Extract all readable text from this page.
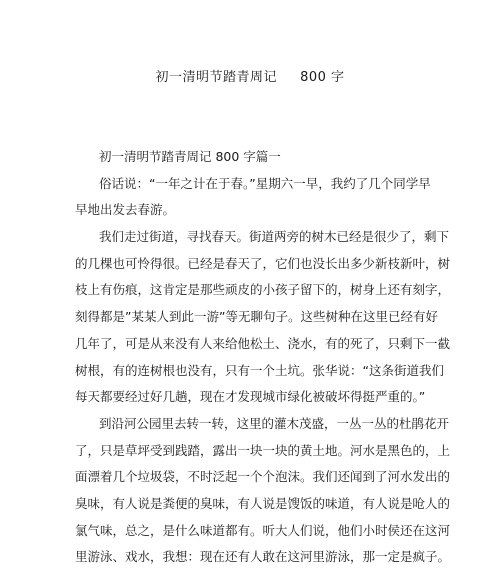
初一清明节踏青周记     800 字
初一清明节踏青周记 800 字篇一
俗话说：“一年之计在于春。”星期六一早，我约了几个同学早
早地出发去春游。
我们走过街道，寻找春天。街道两旁的树木已经是很少了，剩下
的几棵也可怜得很。已经是春天了，它们也没长出多少新枝新叶，树
枝上有伤痕，这肯定是那些顽皮的小孩子留下的，树身上还有刻字，
刻得都是”某某人到此一游”等无聊句子。这些树种在这里已经有好
几年了，可是从来没有人来给他松土、浇水，有的死了，只剩下一截
树根，有的连树根也没有，只有一个土坑。张华说：“这条街道我们
每天都要经过好几趟，现在才发现城市绿化被破坏得挺严重的。”
到沿河公园里去转一转，这里的灌木茂盛，一丛一丛的杜鹃花开
了，只是草坪受到践踏，露出一块一块的黄土地。河水是黑色的，上
面漂着几个垃圾袋，不时泛起一个个泡沫。我们还闻到了河水发出的
臭味，有人说是粪便的臭味，有人说是馊饭的味道，有人说是呛人的
氯气味，总之，是什么味道都有。听大人们说，他们小时侯还在这河
里游泳、戏水，我想：现在还有人敢在这河里游泳，那一定是疯子。
